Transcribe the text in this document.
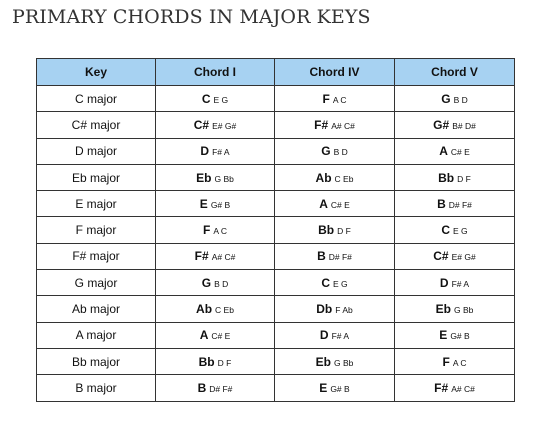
PRIMARY CHORDS IN MAJOR KEYS
Key	Chord I	Chord IV	Chord V
C major	C E G	F A C	G B D
C# major	C# E# G#	F# A# C#	G# B# D#
D major	D F# A	G B D	A C# E
Eb major	Eb G Bb	Ab C Eb	Bb D F
E major	E G# B	A C# E	B D# F#
F major	F A C	Bb D F	C E G
F# major	F# A# C#	B D# F#	C# E# G#
G major	G B D	C E G	D F# A
Ab major	Ab C Eb	Db F Ab	Eb G Bb
A major	A C# E	D F# A	E G# B
Bb major	Bb D F	Eb G Bb	F A C
B major	B D# F#	E G# B	F# A# C#
